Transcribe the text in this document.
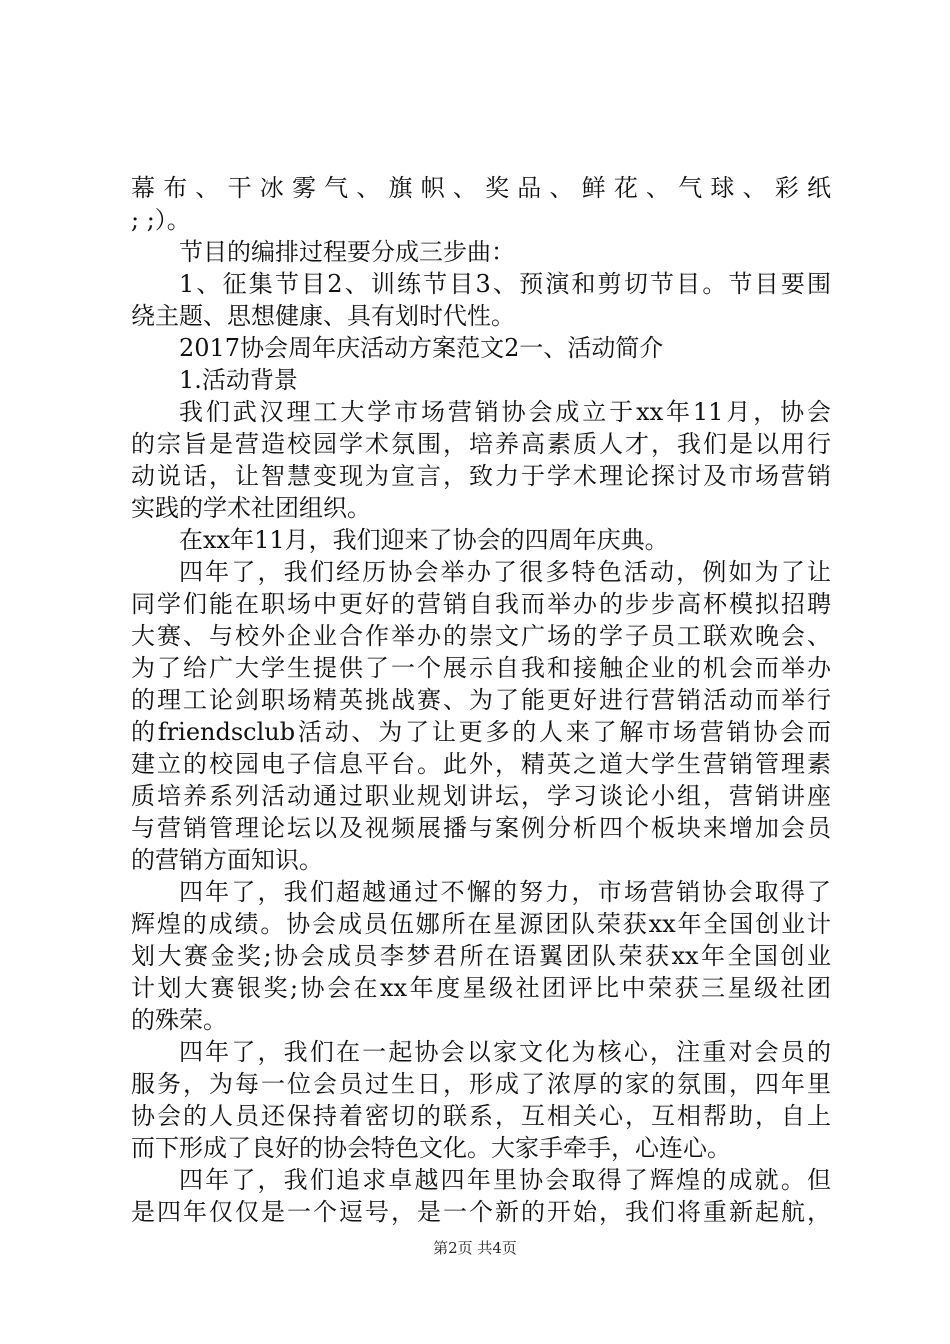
幕布、干冰雾气、旗帜、奖品、鲜花、气球、彩纸
; ;）。
节目的编排过程要分成三步曲：
1、征集节目2、训练节目3、预演和剪切节目。节目要围
绕主题、思想健康、具有划时代性。
2017协会周年庆活动方案范文2一、活动简介
1.活动背景
我们武汉理工大学市场营销协会成立于xx年11月，协会
的宗旨是营造校园学术氛围，培养高素质人才，我们是以用行
动说话，让智慧变现为宣言，致力于学术理论探讨及市场营销
实践的学术社团组织。
在xx年11月，我们迎来了协会的四周年庆典。
四年了，我们经历协会举办了很多特色活动，例如为了让
同学们能在职场中更好的营销自我而举办的步步高杯模拟招聘
大赛、与校外企业合作举办的崇文广场的学子员工联欢晚会、
为了给广大学生提供了一个展示自我和接触企业的机会而举办
的理工论剑职场精英挑战赛、为了能更好进行营销活动而举行
的friendsclub活动、为了让更多的人来了解市场营销协会而
建立的校园电子信息平台。此外，精英之道大学生营销管理素
质培养系列活动通过职业规划讲坛，学习谈论小组，营销讲座
与营销管理论坛以及视频展播与案例分析四个板块来增加会员
的营销方面知识。
四年了，我们超越通过不懈的努力，市场营销协会取得了
辉煌的成绩。协会成员伍娜所在星源团队荣获xx年全国创业计
划大赛金奖;协会成员李梦君所在语翼团队荣获xx年全国创业
计划大赛银奖;协会在xx年度星级社团评比中荣获三星级社团
的殊荣。
四年了，我们在一起协会以家文化为核心，注重对会员的
服务，为每一位会员过生日，形成了浓厚的家的氛围，四年里
协会的人员还保持着密切的联系，互相关心，互相帮助，自上
而下形成了良好的协会特色文化。大家手牵手，心连心。
四年了，我们追求卓越四年里协会取得了辉煌的成就。但
是四年仅仅是一个逗号，是一个新的开始，我们将重新起航，
第2页 共4页
